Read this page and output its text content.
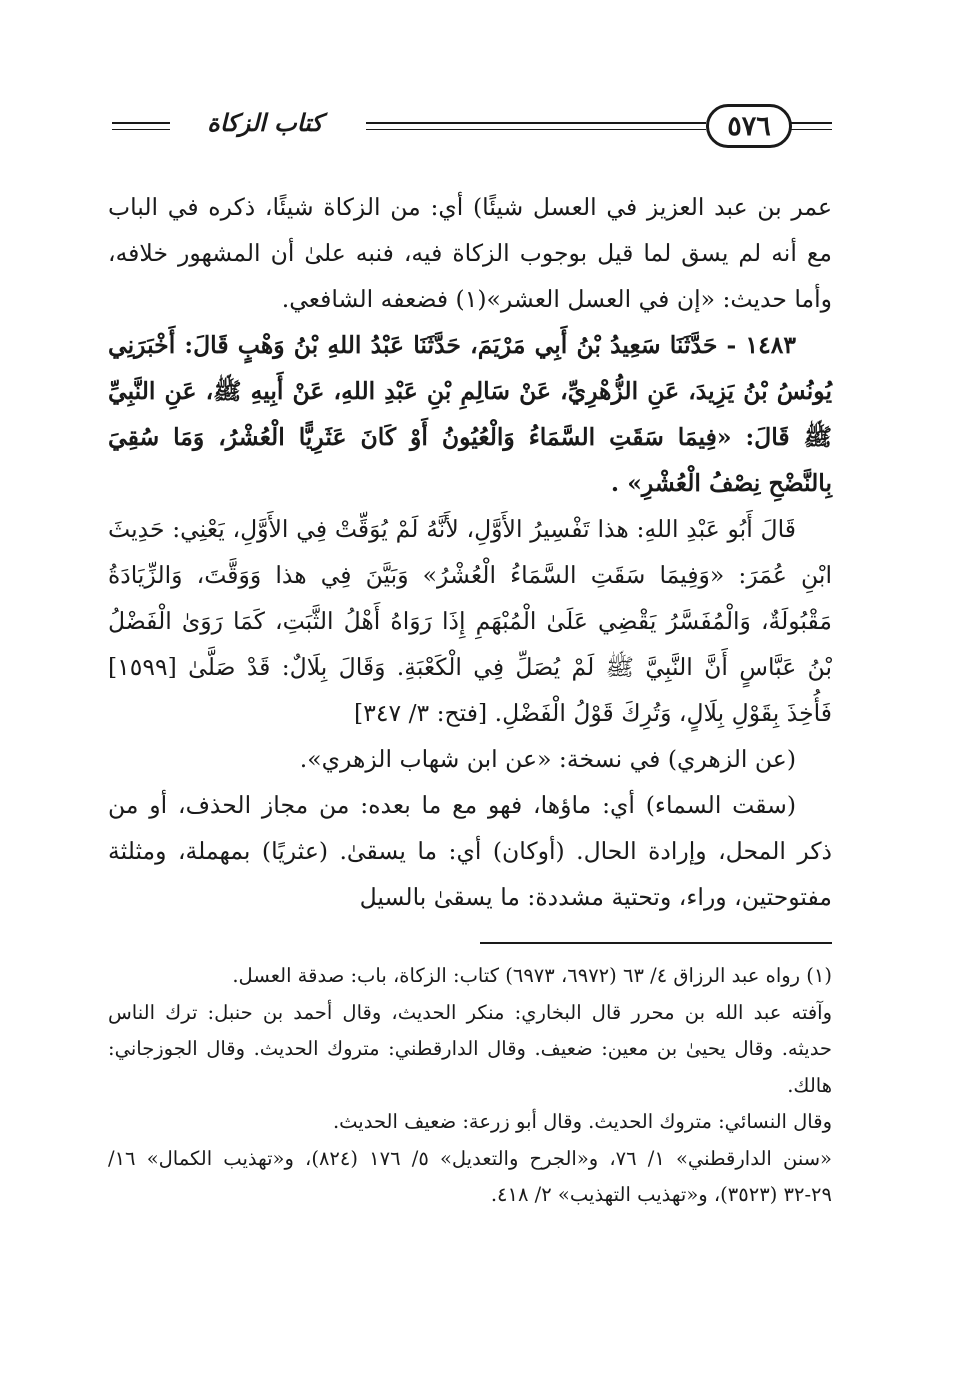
٥٧٦
كتاب الزكاة

عمر بن عبد العزيز في العسل شيئًا) أي: من الزكاة شيئًا، ذكره في الباب مع أنه لم يسق لما قيل بوجوب الزكاة فيه، فنبه علىٰ أن المشهور خلافه، وأما حديث: «إن في العسل العشر»(١) فضعفه الشافعي.

١٤٨٣ - حَدَّثَنَا سَعِيدُ بْنُ أَبِي مَرْيَمَ، حَدَّثَنَا عَبْدُ اللهِ بْنُ وَهْبٍ قَالَ: أَخْبَرَنِي يُونُسُ بْنُ يَزِيدَ، عَنِ الزُّهْرِيِّ، عَنْ سَالِمِ بْنِ عَبْدِ اللهِ، عَنْ أَبِيهِ ﷺ، عَنِ النَّبِيِّ ﷺ قَالَ: «فِيمَا سَقَتِ السَّمَاءُ وَالْعُيُونُ أَوْ كَانَ عَثَرِيًّا الْعُشْرُ، وَمَا سُقِيَ بِالنَّضْحِ نِصْفُ الْعُشْرِ» .

قَالَ أَبُو عَبْدِ اللهِ: هذا تَفْسِيرُ الأَوَّلِ، لأَنَّهُ لَمْ يُوَقِّتْ فِي الأَوَّلِ، يَعْنِي: حَدِيثَ ابْنِ عُمَرَ: «وَفِيمَا سَقَتِ السَّمَاءُ الْعُشْرُ» وَبَيَّنَ فِي هذا وَوَقَّتَ، وَالزِّيَادَةُ مَقْبُولَةٌ، وَالْمُفَسَّرُ يَقْضِي عَلَىٰ الْمُبْهَمِ إِذَا رَوَاهُ أَهْلُ الثَّبَتِ، كَمَا رَوَىٰ الْفَضْلُ بْنُ عَبَّاسٍ أَنَّ النَّبِيَّ ﷺ لَمْ يُصَلِّ فِي الْكَعْبَةِ. وَقَالَ بِلَالٌ: قَدْ صَلَّىٰ [١٥٩٩] فَأُخِذَ بِقَوْلِ بِلَالٍ، وَتُرِكَ قَوْلُ الْفَضْلِ. [فتح: ٣/ ٣٤٧]

(عن الزهري) في نسخة: «عن ابن شهاب الزهري».

(سقت السماء) أي: ماؤها، فهو مع ما بعده: من مجاز الحذف، أو من ذكر المحل، وإرادة الحال. (أوكان) أي: ما يسقىٰ. (عثريًا) بمهملة، ومثلثة مفتوحتين، وراء، وتحتية مشددة: ما يسقىٰ بالسيل

(١) رواه عبد الرزاق ٤/ ٦٣ (٦٩٧٢، ٦٩٧٣) كتاب: الزكاة، باب: صدقة العسل.

وآفته عبد الله بن محرر قال البخاري: منكر الحديث، وقال أحمد بن حنبل: ترك الناس حديثه. وقال يحيىٰ بن معين: ضعيف. وقال الدارقطني: متروك الحديث. وقال الجوزجاني: هالك.

وقال النسائي: متروك الحديث. وقال أبو زرعة: ضعيف الحديث.

«سنن الدارقطني» ١/ ٧٦، و«الجرح والتعديل» ٥/ ١٧٦ (٨٢٤)، و«تهذيب الكمال» ١٦/ ٢٩-٣٢ (٣٥٢٣)، و«تهذيب التهذيب» ٢/ ٤١٨.
